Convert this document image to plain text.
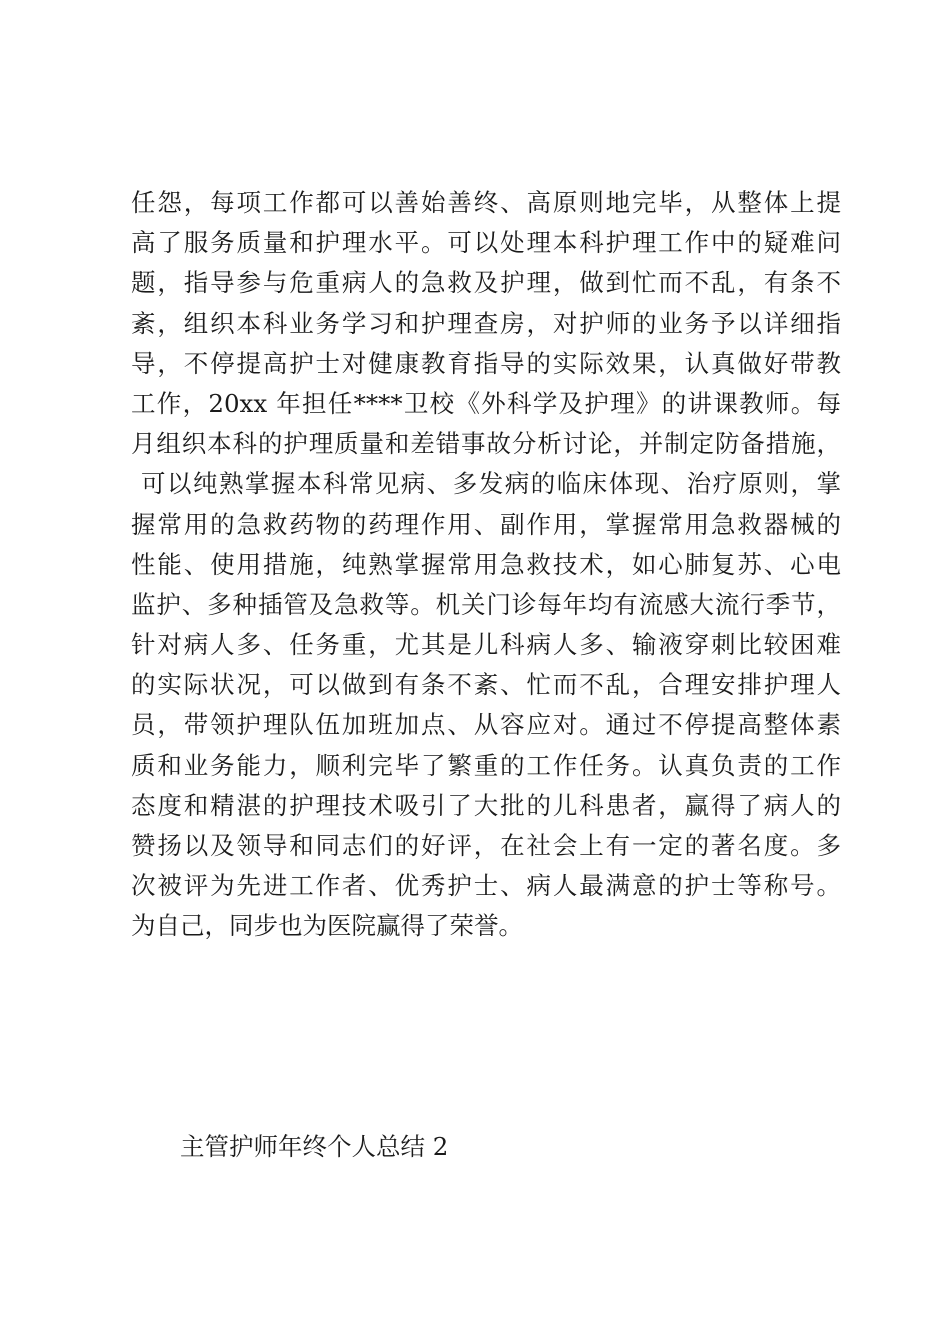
任怨，每项工作都可以善始善终、高原则地完毕，从整体上提
高了服务质量和护理水平。可以处理本科护理工作中的疑难问
题，指导参与危重病人的急救及护理，做到忙而不乱，有条不
紊，组织本科业务学习和护理查房，对护师的业务予以详细指
导，不停提高护士对健康教育指导的实际效果，认真做好带教
工作，20xx 年担任****卫校《外科学及护理》的讲课教师。每
月组织本科的护理质量和差错事故分析讨论，并制定防备措施，
可以纯熟掌握本科常见病、多发病的临床体现、治疗原则，掌
握常用的急救药物的药理作用、副作用，掌握常用急救器械的
性能、使用措施，纯熟掌握常用急救技术，如心肺复苏、心电
监护、多种插管及急救等。机关门诊每年均有流感大流行季节，
针对病人多、任务重，尤其是儿科病人多、输液穿刺比较困难
的实际状况，可以做到有条不紊、忙而不乱，合理安排护理人
员，带领护理队伍加班加点、从容应对。通过不停提高整体素
质和业务能力，顺利完毕了繁重的工作任务。认真负责的工作
态度和精湛的护理技术吸引了大批的儿科患者，赢得了病人的
赞扬以及领导和同志们的好评，在社会上有一定的著名度。多
次被评为先进工作者、优秀护士、病人最满意的护士等称号。
为自己，同步也为医院赢得了荣誉。
主管护师年终个人总结 2
